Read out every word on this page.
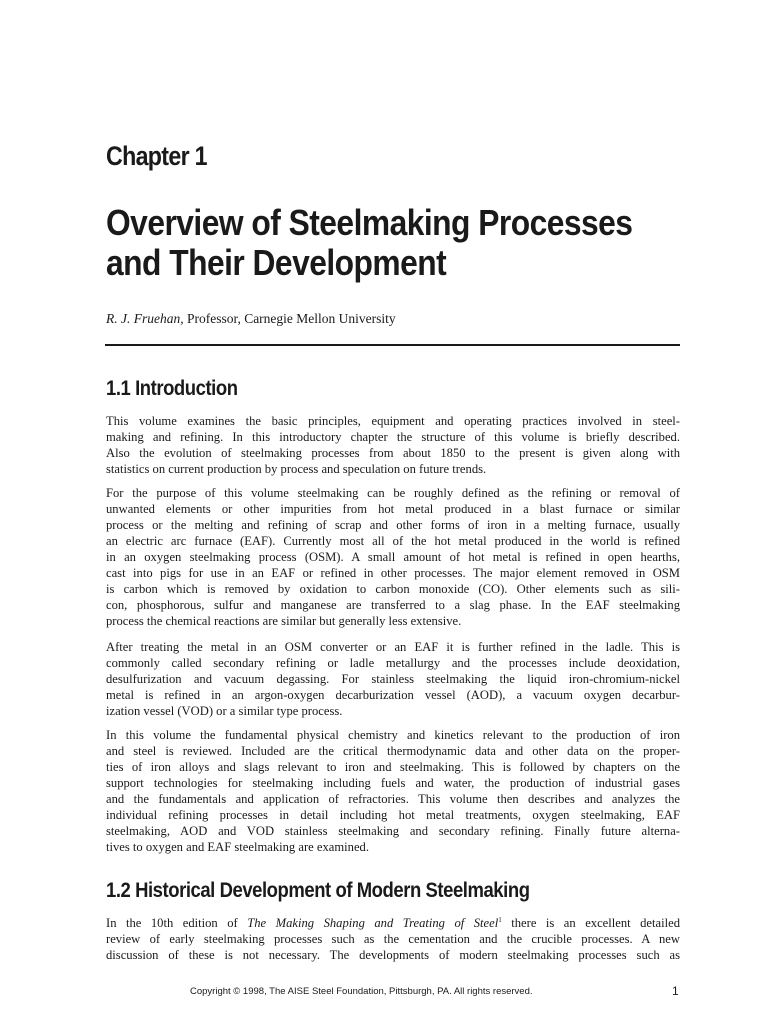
Chapter 1
Overview of Steelmaking Processes
and Their Development
R. J. Fruehan, Professor, Carnegie Mellon University
1.1 Introduction
This volume examines the basic principles, equipment and operating practices involved in steel-
making and refining. In this introductory chapter the structure of this volume is briefly described.
Also the evolution of steelmaking processes from about 1850 to the present is given along with
statistics on current production by process and speculation on future trends.
For the purpose of this volume steelmaking can be roughly defined as the refining or removal of
unwanted elements or other impurities from hot metal produced in a blast furnace or similar
process or the melting and refining of scrap and other forms of iron in a melting furnace, usually
an electric arc furnace (EAF). Currently most all of the hot metal produced in the world is refined
in an oxygen steelmaking process (OSM). A small amount of hot metal is refined in open hearths,
cast into pigs for use in an EAF or refined in other processes. The major element removed in OSM
is carbon which is removed by oxidation to carbon monoxide (CO). Other elements such as sili-
con, phosphorous, sulfur and manganese are transferred to a slag phase. In the EAF steelmaking
process the chemical reactions are similar but generally less extensive.
After treating the metal in an OSM converter or an EAF it is further refined in the ladle. This is
commonly called secondary refining or ladle metallurgy and the processes include deoxidation,
desulfurization and vacuum degassing. For stainless steelmaking the liquid iron-chromium-nickel
metal is refined in an argon-oxygen decarburization vessel (AOD), a vacuum oxygen decarbur-
ization vessel (VOD) or a similar type process.
In this volume the fundamental physical chemistry and kinetics relevant to the production of iron
and steel is reviewed. Included are the critical thermodynamic data and other data on the proper-
ties of iron alloys and slags relevant to iron and steelmaking. This is followed by chapters on the
support technologies for steelmaking including fuels and water, the production of industrial gases
and the fundamentals and application of refractories. This volume then describes and analyzes the
individual refining processes in detail including hot metal treatments, oxygen steelmaking, EAF
steelmaking, AOD and VOD stainless steelmaking and secondary refining. Finally future alterna-
tives to oxygen and EAF steelmaking are examined.
1.2 Historical Development of Modern Steelmaking
In the 10th edition of The Making Shaping and Treating of Steel$^1$ there is an excellent detailed
review of early steelmaking processes such as the cementation and the crucible processes. A new
discussion of these is not necessary. The developments of modern steelmaking processes such as
Copyright © 1998, The AISE Steel Foundation, Pittsburgh, PA. All rights reserved.	1
